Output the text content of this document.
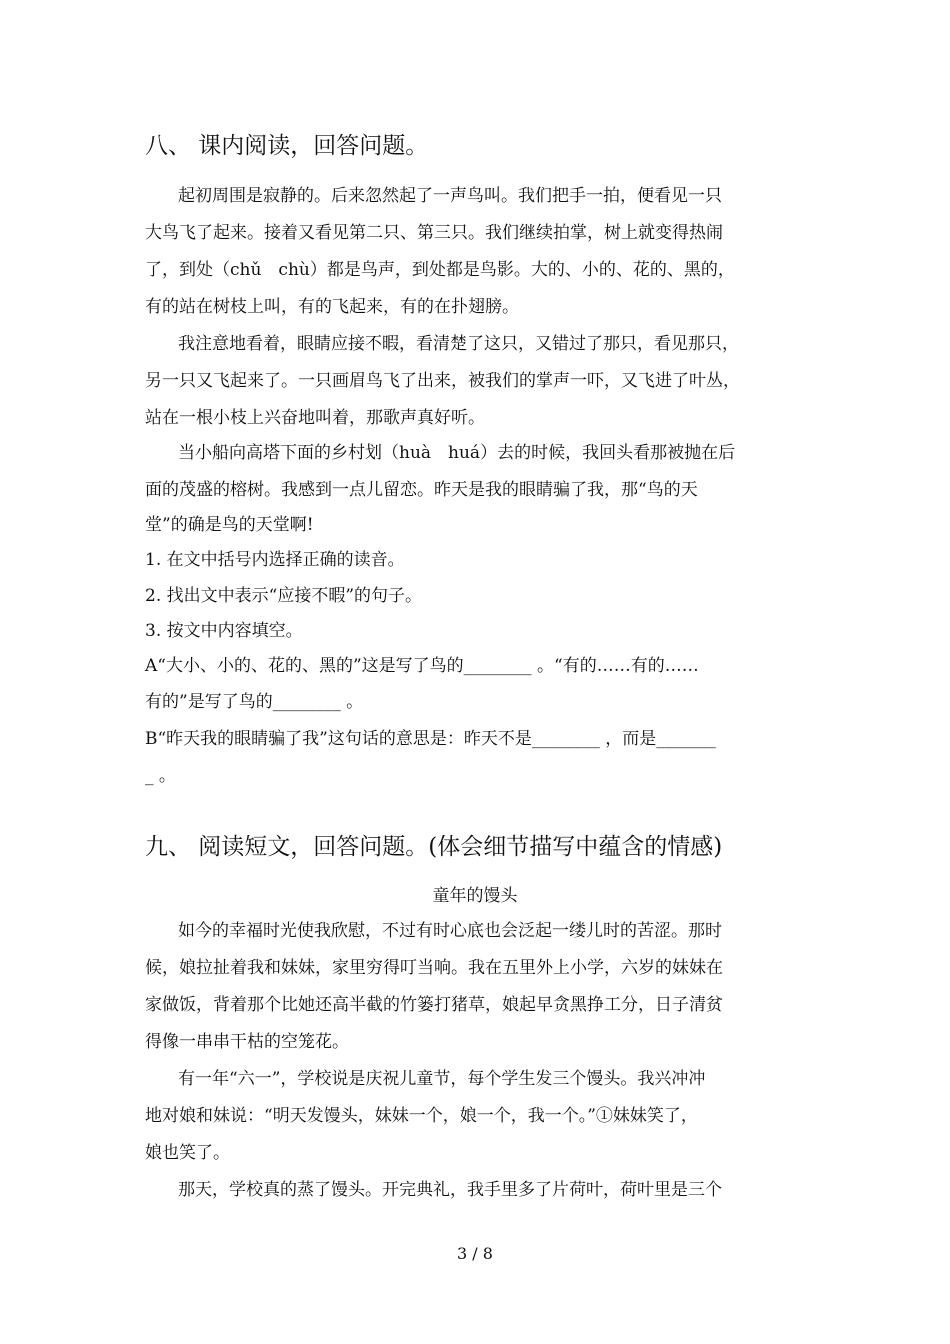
八、 课内阅读，回答问题。
起初周围是寂静的。后来忽然起了一声鸟叫。我们把手一拍，便看见一只
大鸟飞了起来。接着又看见第二只、第三只。我们继续拍掌，树上就变得热闹
了，到处（chǔ　chù）都是鸟声，到处都是鸟影。大的、小的、花的、黑的，
有的站在树枝上叫，有的飞起来，有的在扑翅膀。
我注意地看着，眼睛应接不暇，看清楚了这只，又错过了那只，看见那只，
另一只又飞起来了。一只画眉鸟飞了出来，被我们的掌声一吓，又飞进了叶丛，
站在一根小枝上兴奋地叫着，那歌声真好听。
当小船向高塔下面的乡村划（huà　huá）去的时候，我回头看那被抛在后
面的茂盛的榕树。我感到一点儿留恋。昨天是我的眼睛骗了我，那“鸟的天
堂”的确是鸟的天堂啊!
1. 在文中括号内选择正确的读音。
2. 找出文中表示“应接不暇”的句子。
3. 按文中内容填空。
A“大小、小的、花的、黑的”这是写了鸟的________ 。“有的……有的……
有的”是写了鸟的________ 。
B“昨天我的眼睛骗了我”这句话的意思是：昨天不是________ ，而是_______
_ 。
九、 阅读短文，回答问题。(体会细节描写中蕴含的情感)
童年的馒头
如今的幸福时光使我欣慰，不过有时心底也会泛起一缕儿时的苦涩。那时
候，娘拉扯着我和妹妹，家里穷得叮当响。我在五里外上小学，六岁的妹妹在
家做饭，背着那个比她还高半截的竹篓打猪草，娘起早贪黑挣工分，日子清贫
得像一串串干枯的空笼花。
有一年“六一”，学校说是庆祝儿童节，每个学生发三个馒头。我兴冲冲
地对娘和妹说：“明天发馒头，妹妹一个，娘一个，我一个。”①妹妹笑了，
娘也笑了。
那天，学校真的蒸了馒头。开完典礼，我手里多了片荷叶，荷叶里是三个
3 / 8
